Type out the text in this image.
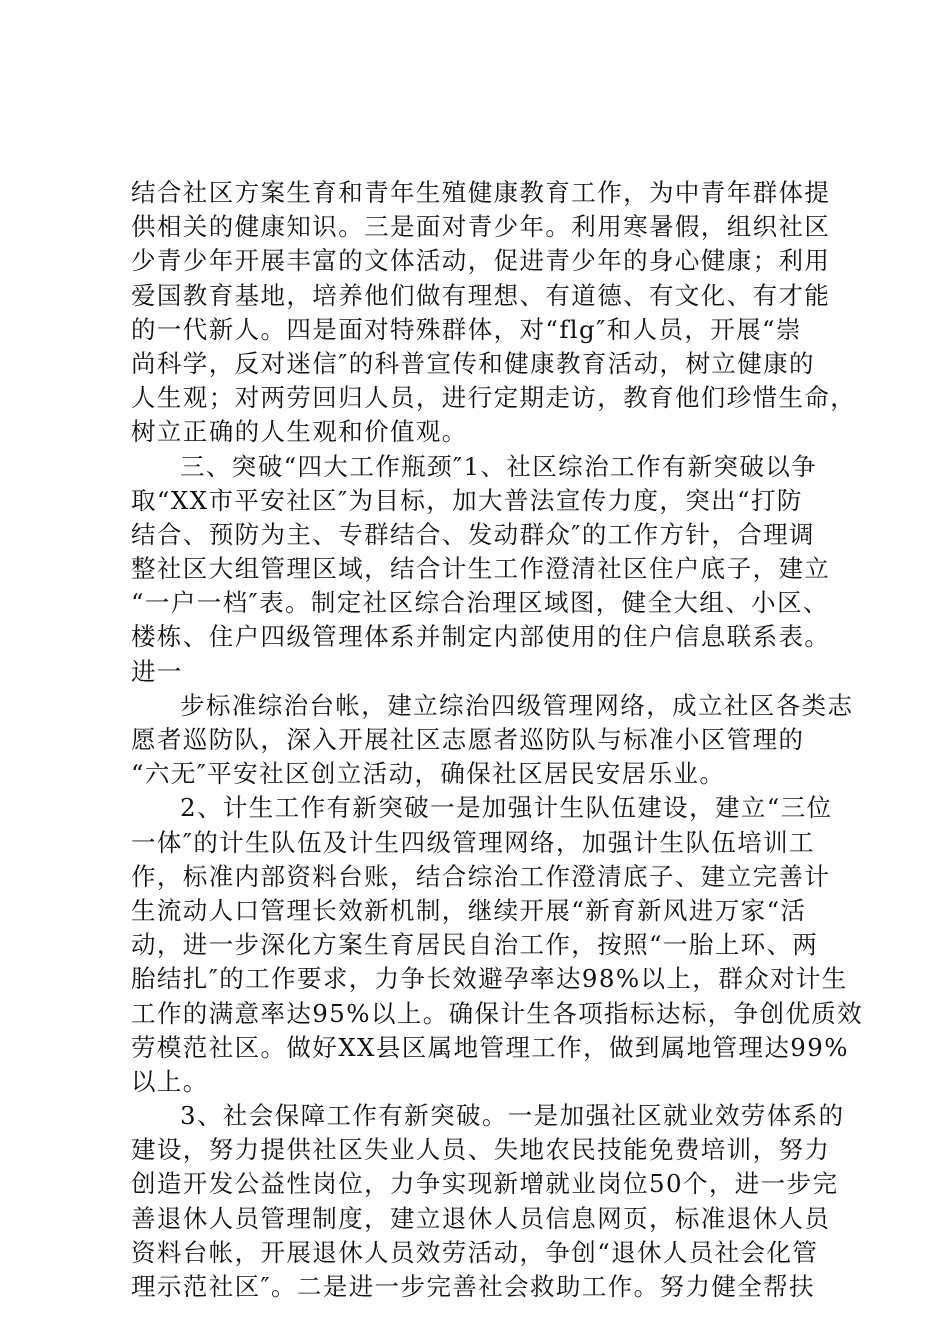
结合社区方案生育和青年生殖健康教育工作，为中青年群体提
供相关的健康知识。三是面对青少年。利用寒暑假，组织社区
少青少年开展丰富的文体活动，促进青少年的身心健康；利用
爱国教育基地，培养他们做有理想、有道德、有文化、有才能
的一代新人。四是面对特殊群体，对“flg″和人员，开展“崇
尚科学，反对迷信″的科普宣传和健康教育活动，树立健康的
人生观；对两劳回归人员，进行定期走访，教育他们珍惜生命，
树立正确的人生观和价值观。
三、突破“四大工作瓶颈″1、社区综治工作有新突破以争
取“XX市平安社区″为目标，加大普法宣传力度，突出“打防
结合、预防为主、专群结合、发动群众″的工作方针，合理调
整社区大组管理区域，结合计生工作澄清社区住户底子，建立
“一户一档″表。制定社区综合治理区域图，健全大组、小区、
楼栋、住户四级管理体系并制定内部使用的住户信息联系表。
进一
步标准综治台帐，建立综治四级管理网络，成立社区各类志
愿者巡防队，深入开展社区志愿者巡防队与标准小区管理的
“六无″平安社区创立活动，确保社区居民安居乐业。
2、计生工作有新突破一是加强计生队伍建设，建立“三位
一体″的计生队伍及计生四级管理网络，加强计生队伍培训工
作，标准内部资料台账，结合综治工作澄清底子、建立完善计
生流动人口管理长效新机制，继续开展“新育新风进万家“活
动，进一步深化方案生育居民自治工作，按照“一胎上环、两
胎结扎″的工作要求，力争长效避孕率达98%以上，群众对计生
工作的满意率达95%以上。确保计生各项指标达标，争创优质效
劳模范社区。做好XX县区属地管理工作，做到属地管理达99%
以上。
3、社会保障工作有新突破。一是加强社区就业效劳体系的
建设，努力提供社区失业人员、失地农民技能免费培训，努力
创造开发公益性岗位，力争实现新增就业岗位50个，进一步完
善退休人员管理制度，建立退休人员信息网页，标准退休人员
资料台帐，开展退休人员效劳活动，争创“退休人员社会化管
理示范社区″。二是进一步完善社会救助工作。努力健全帮扶
